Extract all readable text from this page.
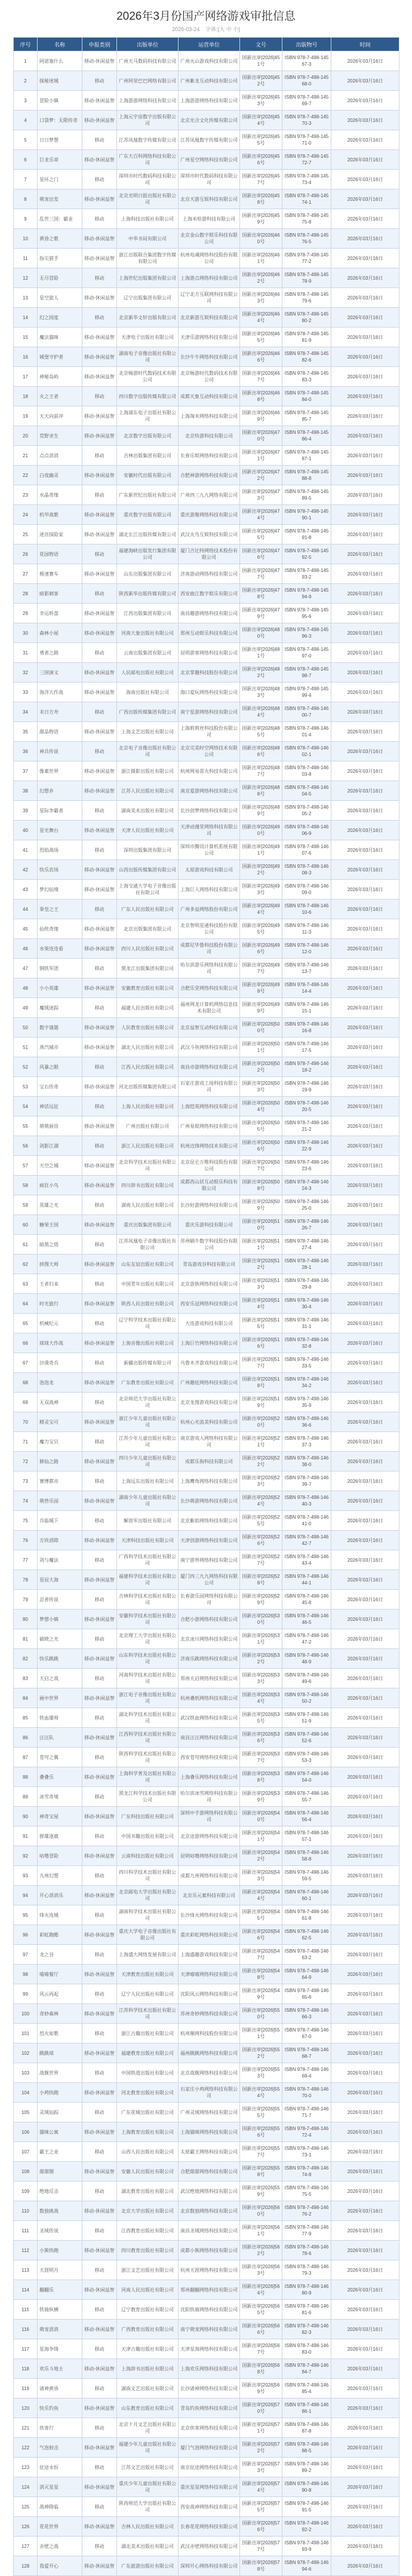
2026年3月份国产网络游戏审批信息
2026-03-24 字体:[大 中 小]
序号	名称	申报类别	出版单位	运营单位	文号	出版物号	时间
1	阿诺塞什么	移动-休闲益智	广州天马数码科技有限公司	广州火山游戏科技有限公司	国新出审[2026]451号	ISBN 978-7-498-14567-3	2026年03月16日
2	探秘迷城	移动	广州阿里巴巴网络有限公司	广州紫龙互动科技有限公司	国新出审[2026]452号	ISBN 978-7-498-14568-0	2026年03月16日
3	冒险小镇	移动-休闲益智	上海游游网络科技有限公司	上海游游网络科技有限公司	国新出审[2026]453号	ISBN 978-7-498-14569-7	2026年03月16日
4	口袋梦：无限传奇	移动-休闲益智	上海元宇宙数字出版有限公司	北京光合文化传媒有限公司	国新出审[2026]454号	ISBN 978-7-498-14570-3	2026年03月16日
5	日日梦想	移动	江苏凤凰数字传媒有限公司	江苏凤凰数字传媒有限公司	国新出审[2026]455号	ISBN 978-7-498-14571-0	2026年03月16日
6	巨龙乐章	移动-休闲益智	广东大百科网络科技有限公司	广州星空网络科技有限公司	国新出审[2026]456号	ISBN 978-7-498-14572-7	2026年03月16日
7	星环之门	移动	深圳市时代数码科技有限公司	深圳市时代数码科技有限公司	国新出审[2026]457号	ISBN 978-7-498-14573-4	2026年03月16日
8	萌宠出发	移动-休闲益智	北京光明日报出版社有限公司	北京天游互娱科技有限公司	国新出审[2026]458号	ISBN 978-7-498-14574-1	2026年03月16日
9	乱世三国：霸业	移动	上海科技出版社有限公司	上海米哈游科技有限公司	国新出审[2026]459号	ISBN 978-7-498-14575-8	2026年03月16日
10	黄昏之歌	移动-休闲益智	中华书局有限公司	北京金山数字娱乐科技有限公司	国新出审[2026]460号	ISBN 978-7-498-14576-5	2026年03月16日
11	指尖猎手	移动-休闲益智	浙江出版联合集团数字传媒有限公司	杭州电魂网络科技股份有限公司	国新出审[2026]461号	ISBN 978-7-498-14577-2	2026年03月16日
12	无尽冒险	移动	上海世纪出版集团有限公司	上海游点网络科技有限公司	国新出审[2026]462号	ISBN 978-7-498-14578-9	2026年03月16日
13	星空旅人	移动-休闲益智	辽宁出版集团有限公司	辽宁北方互联网科技有限公司	国新出审[2026]463号	ISBN 978-7-498-14579-6	2026年03月16日
14	幻之国度	移动	北京新华文轩出版有限公司	北京新游互娱科技有限公司	国新出审[2026]464号	ISBN 978-7-498-14580-2	2026年03月16日
15	魔法猫咪	移动-休闲益智	天津电子出版社有限公司	天津乐游网络科技有限公司	国新出审[2026]465号	ISBN 978-7-498-14581-9	2026年03月16日
16	城堡守护者	移动-休闲益智	湖南电子音像出版社有限公司	长沙牛牛网络科技有限公司	国新出审[2026]466号	ISBN 978-7-498-14582-6	2026年03月16日
17	神秘岛屿	移动-休闲益智	北京畅游时代数码技术有限公司	北京畅游时代数码技术有限公司	国新出审[2026]467号	ISBN 978-7-498-14583-3	2026年03月16日
18	火之王者	移动	四川数字出版传媒有限公司	成都天象互动科技有限公司	国新出审[2026]468号	ISBN 978-7-498-14584-0	2026年03月16日
19	天天向前冲	移动-休闲益智	上海浦东电子出版社有限公司	上海淘米网络科技有限公司	国新出审[2026]469号	ISBN 978-7-498-14585-7	2026年03月16日
20	荒野求生	移动-休闲益智	北京数字出版有限公司	北京快游科技有限公司	国新出审[2026]470号	ISBN 978-7-498-14586-4	2026年03月16日
21	点点消消	移动	吉林出版集团有限公司	长春乐娱网络科技有限公司	国新出审[2026]471号	ISBN 978-7-498-14587-1	2026年03月16日
22	白夜幽灵	移动-休闲益智	安徽时代出版有限公司	合肥神游网络科技有限公司	国新出审[2026]472号	ISBN 978-7-498-14588-8	2026年03月16日
23	水晶奇缘	移动	广东新世纪出版社有限公司	广州四三九九网络有限公司	国新出审[2026]473号	ISBN 978-7-498-14589-5	2026年03月16日
24	机甲战歌	移动-休闲益智	重庆数字出版有限公司	重庆游聚网络科技有限公司	国新出审[2026]474号	ISBN 978-7-498-14590-1	2026年03月16日
25	迷宫探险家	移动-休闲益智	湖北长江出版传媒有限公司	武汉火鸟互娱科技有限公司	国新出审[2026]475号	ISBN 978-7-498-14591-8	2026年03月16日
26	花园物语	移动	福建海峡出版发行集团有限公司	厦门吉比特网络技术股份有限公司	国新出审[2026]476号	ISBN 978-7-498-14592-5	2026年03月16日
27	极速赛车	移动-休闲益智	山东出版集团有限公司	济南游动网络科技有限公司	国新出审[2026]477号	ISBN 978-7-498-14593-2	2026年03月16日
28	暗影刺客	移动	陕西新华出版传媒有限公司	西安曲江数字娱乐有限公司	国新出审[2026]478号	ISBN 978-7-498-14594-9	2026年03月16日
29	幸运转盘	移动-休闲益智	江西出版集团有限公司	南昌趣游网络科技有限公司	国新出审[2026]479号	ISBN 978-7-498-14595-6	2026年03月16日
30	森林小屋	移动-休闲益智	河南大象出版社有限公司	郑州互动娱乐科技有限公司	国新出审[2026]480号	ISBN 978-7-498-14596-3	2026年03月16日
31	勇者之路	移动	云南出版集团有限公司	昆明游客网络科技有限公司	国新出审[2026]481号	ISBN 978-7-498-14597-0	2026年03月16日
32	三国演义	移动-休闲益智	人民邮电出版社有限公司	北京掌趣科技股份有限公司	国新出审[2026]482号	ISBN 978-7-498-14598-7	2026年03月16日
33	海洋大作战	移动-休闲益智	海南出版社有限公司	海口爱玩网络科技有限公司	国新出审[2026]483号	ISBN 978-7-498-14599-4	2026年03月16日
34	末日方舟	移动	广西出版传媒集团有限公司	南宁星游网络科技有限公司	国新出审[2026]484号	ISBN 978-7-498-14600-7	2026年03月16日
35	甜品物语	移动-休闲益智	上海文艺出版社有限公司	上海莉莉丝科技股份有限公司	国新出审[2026]485号	ISBN 978-7-498-14601-4	2026年03月16日
36	神兵传说	移动	北京电子音像出版社有限公司	北京完美时空网络技术有限公司	国新出审[2026]486号	ISBN 978-7-498-14602-1	2026年03月16日
37	像素世界	移动-休闲益智	浙江摄影出版社有限公司	杭州网易雷火科技有限公司	国新出审[2026]487号	ISBN 978-7-498-14603-8	2026年03月16日
38	幻想乡	移动-休闲益智	江苏人民出版社有限公司	南京爱游网络科技有限公司	国新出审[2026]488号	ISBN 978-7-498-14604-5	2026年03月16日
39	星际争霸者	移动	湖南美术出版社有限公司	长沙创梦网络科技有限公司	国新出审[2026]489号	ISBN 978-7-498-14605-2	2026年03月16日
40	星光舞台	移动-休闲益智	天津人民出版社有限公司	天津动漫堂网络科技有限公司	国新出审[2026]490号	ISBN 978-7-498-14606-9	2026年03月16日
41	烈焰战场	移动	深圳出版集团有限公司	深圳市腾讯计算机系统有限公司	国新出审[2026]491号	ISBN 978-7-498-14607-6	2026年03月16日
42	快乐农场	移动-休闲益智	山西出版传媒集团有限公司	太原游戏科技有限公司	国新出审[2026]492号	ISBN 978-7-498-14608-3	2026年03月16日
43	梦幻仙境	移动-休闲益智	上海交通大学电子音像出版社有限公司	上海巨人网络科技有限公司	国新出审[2026]493号	ISBN 978-7-498-14609-0	2026年03月16日
44	拳皇之王	移动	广东人民出版社有限公司	广州多益网络股份有限公司	国新出审[2026]494号	ISBN 978-7-498-14610-6	2026年03月16日
45	仙侠奇缘	移动-休闲益智	北京出版集团有限公司	北京智明星通科技股份有限公司	国新出审[2026]495号	ISBN 978-7-498-14611-3	2026年03月16日
46	水果连连看	移动-休闲益智	四川人民出版社有限公司	成都尼毕鲁科技股份有限公司	国新出审[2026]496号	ISBN 978-7-498-14612-0	2026年03月16日
47	钢铁军团	移动	黑龙江出版集团有限公司	哈尔滨游乐网络科技有限公司	国新出审[2026]497号	ISBN 978-7-498-14613-7	2026年03月16日
48	小小英雄	移动-休闲益智	安徽教育出版社有限公司	合肥乐堂网络科技有限公司	国新出审[2026]498号	ISBN 978-7-498-14614-4	2026年03月16日
49	魔域迷踪	移动	福建人民出版社有限公司	福州网龙计算机网络信息技术有限公司	国新出审[2026]499号	ISBN 978-7-498-14615-1	2026年03月16日
50	数字谜题	移动-休闲益智	人民教育出版社有限公司	北京益智互动科技有限公司	国新出审[2026]500号	ISBN 978-7-498-14616-8	2026年03月16日
51	蒸汽城市	移动-休闲益智	湖北人民出版社有限公司	武汉斗鱼网络科技有限公司	国新出审[2026]501号	ISBN 978-7-498-14617-5	2026年03月16日
52	风暴之眼	移动	江西人民出版社有限公司	南昌卓游网络科技有限公司	国新出审[2026]502号	ISBN 978-7-498-14618-2	2026年03月16日
53	宝石传奇	移动-休闲益智	河北出版传媒集团有限公司	石家庄游戏工场科技有限公司	国新出审[2026]503号	ISBN 978-7-498-14619-9	2026年03月16日
54	神话远征	移动	上海人民出版社有限公司	上海恺英网络科技有限公司	国新出审[2026]504号	ISBN 978-7-498-14620-5	2026年03月16日
55	萌萌厨房	移动-休闲益智	广州出版社有限公司	广州易娱网络科技有限公司	国新出审[2026]505号	ISBN 978-7-498-14621-2	2026年03月16日
56	剑影江湖	移动	浙江人民出版社有限公司	杭州边锋网络技术有限公司	国新出审[2026]506号	ISBN 978-7-498-14622-9	2026年03月16日
57	天空之城	移动-休闲益智	北京科学技术出版社有限公司	北京昆仑万维科技股份有限公司	国新出审[2026]507号	ISBN 978-7-498-14623-6	2026年03月16日
58	疯狂小鸟	移动-休闲益智	四川辞书出版社有限公司	成都西山居互动娱乐科技有限公司	国新出审[2026]508号	ISBN 978-7-498-14624-3	2026年03月16日
59	英雄之光	移动	湖南人民出版社有限公司	长沙好游网络科技有限公司	国新出审[2026]509号	ISBN 978-7-498-14625-0	2026年03月16日
60	糖果王国	移动-休闲益智	重庆出版集团有限公司	重庆乐游科技有限公司	国新出审[2026]510号	ISBN 978-7-498-14626-7	2026年03月16日
61	暗黑之塔	移动	江苏凤凰电子音像出版社有限公司	苏州蜗牛数字科技股份有限公司	国新出审[2026]511号	ISBN 978-7-498-14627-4	2026年03月16日
62	拼图大师	移动-休闲益智	山东友谊出版社有限公司	青岛游戏谷科技有限公司	国新出审[2026]512号	ISBN 978-7-498-14628-1	2026年03月16日
63	王者归来	移动	中国青年出版社有限公司	北京游族网络科技有限公司	国新出审[2026]513号	ISBN 978-7-498-14629-8	2026年03月16日
64	时光旅行	移动-休闲益智	陕西人民出版社有限公司	西安乐逗网络科技有限公司	国新出审[2026]514号	ISBN 978-7-498-14630-4	2026年03月16日
65	机械纪元	移动	辽宁科学技术出版社有限公司	大连游戏科技有限公司	国新出审[2026]515号	ISBN 978-7-498-14631-1	2026年03月16日
66	球球大作战	移动-休闲益智	上海音像出版社有限公司	上海巨竹网络科技有限公司	国新出审[2026]516号	ISBN 978-7-498-14632-8	2026年03月16日
67	沙漠奇兵	移动	新疆出版传媒有限公司	乌鲁木齐游戏科技有限公司	国新出审[2026]517号	ISBN 978-7-498-14633-5	2026年03月16日
68	泡泡龙	移动-休闲益智	广东教育出版社有限公司	广州趣炫网络科技有限公司	国新出审[2026]518号	ISBN 978-7-498-14634-2	2026年03月16日
69	无双战神	移动	北京师范大学出版社有限公司	北京龙图游戏科技有限公司	国新出审[2026]519号	ISBN 978-7-498-14635-9	2026年03月16日
70	精灵宝可	移动-休闲益智	浙江少年儿童出版社有限公司	杭州心光流美科技有限公司	国新出审[2026]520号	ISBN 978-7-498-14636-6	2026年03月16日
71	魔力宝贝	移动	江苏少年儿童出版社有限公司	南京游戏人网络科技有限公司	国新出审[2026]521号	ISBN 978-7-498-14637-3	2026年03月16日
72	修仙之路	移动-休闲益智	四川少年儿童出版社有限公司	成都乐狗科技有限公司	国新出审[2026]522号	ISBN 978-7-498-14638-0	2026年03月16日
73	赛博都市	移动	上海远东出版社有限公司	上海鹰角网络科技有限公司	国新出审[2026]523号	ISBN 978-7-498-14639-7	2026年03月16日
74	萌兽乐园	移动-休闲益智	湖南少年儿童出版社有限公司	长沙萌游网络科技有限公司	国新出审[2026]524号	ISBN 978-7-498-14640-3	2026年03月16日
75	兵临城下	移动	解放军出版社有限公司	北京紫焰网络科技有限公司	国新出审[2026]525号	ISBN 978-7-498-14641-0	2026年03月16日
76	方块消除	移动-休闲益智	天津科技出版社有限公司	天津创游网络科技有限公司	国新出审[2026]526号	ISBN 978-7-498-14642-7	2026年03月16日
77	剑与魔法	移动	广西科学技术出版社有限公司	南宁游界网络科技有限公司	国新出审[2026]527号	ISBN 978-7-498-14643-4	2026年03月16日
78	星辰大海	移动-休闲益智	福建科学技术出版社有限公司	厦门四三九九网络科技有限公司	国新出审[2026]528号	ISBN 978-7-498-14644-1	2026年03月16日
79	忍者传说	移动	吉林科学技术出版社有限公司	长春游乐园网络科技有限公司	国新出审[2026]529号	ISBN 978-7-498-14645-8	2026年03月16日
80	梦想小镇	移动-休闲益智	安徽科学技术出版社有限公司	合肥小游网络科技有限公司	国新出审[2026]530号	ISBN 978-7-498-14646-5	2026年03月16日
81	破晓之光	移动	北京理工大学出版社有限公司	北京冰川网络科技有限公司	国新出审[2026]531号	ISBN 978-7-498-14647-2	2026年03月16日
82	快乐跳跳	移动-休闲益智	山东科学技术出版社有限公司	济南乐跳网络科技有限公司	国新出审[2026]532号	ISBN 978-7-498-14648-9	2026年03月16日
83	天启之战	移动	河南科学技术出版社有限公司	郑州天启网络科技有限公司	国新出审[2026]533号	ISBN 978-7-498-14649-6	2026年03月16日
84	画中世界	移动-休闲益智	浙江电子音像出版社有限公司	杭州叠纸网络科技有限公司	国新出审[2026]534号	ISBN 978-7-498-14650-2	2026年03月16日
85	铁血雄师	移动	湖北科学技术出版社有限公司	武汉铁血网络科技有限公司	国新出审[2026]535号	ISBN 978-7-498-14651-9	2026年03月16日
86	汪汪队	移动-休闲益智	江西科学技术出版社有限公司	南昌汪汪网络科技有限公司	国新出审[2026]536号	ISBN 978-7-498-14652-6	2026年03月16日
87	苍穹之翼	移动	陕西科学技术出版社有限公司	西安苍穹网络科技有限公司	国新出审[2026]537号	ISBN 978-7-498-14653-3	2026年03月16日
88	叠叠乐	移动-休闲益智	上海科学普及出版社有限公司	上海叠乐网络科技有限公司	国新出审[2026]538号	ISBN 978-7-498-14654-0	2026年03月16日
89	冰雪奇境	移动	黑龙江科学技术出版社有限公司	哈尔滨冰雪网络科技有限公司	国新出审[2026]539号	ISBN 978-7-498-14655-7	2026年03月16日
90	神奇宝屋	移动-休闲益智	广东科技出版社有限公司	深圳中手游网络科技有限公司	国新出审[2026]540号	ISBN 978-7-498-14656-4	2026年03月16日
91	群雄逐鹿	移动	中国书籍出版社有限公司	北京途游网络科技有限公司	国新出审[2026]541号	ISBN 978-7-498-14657-1	2026年03月16日
92	咕噜冒险	移动-休闲益智	云南科技出版社有限公司	昆明咕噜网络科技有限公司	国新出审[2026]542号	ISBN 978-7-498-14658-8	2026年03月16日
93	九州幻想	移动	四川科学技术出版社有限公司	成都九州网络科技有限公司	国新出审[2026]543号	ISBN 978-7-498-14659-5	2026年03月16日
94	开心消消乐	移动-休闲益智	北京邮电大学出版社有限公司	北京乐元素科技有限公司	国新出审[2026]544号	ISBN 978-7-498-14660-1	2026年03月16日
95	烽火连城	移动	湖南科学技术出版社有限公司	长沙烽火网络科技有限公司	国新出审[2026]545号	ISBN 978-7-498-14661-8	2026年03月16日
96	彩虹跑酷	移动-休闲益智	重庆大学电子音像出版社有限公司	重庆彩虹网络科技有限公司	国新出审[2026]546号	ISBN 978-7-498-14662-5	2026年03月16日
97	龙之谷	移动	上海盛大网络发展有限公司	上海盛趣游戏科技有限公司	国新出审[2026]547号	ISBN 978-7-498-14663-2	2026年03月16日
98	喵喵餐厅	移动-休闲益智	天津教育出版社有限公司	天津喵喵网络科技有限公司	国新出审[2026]548号	ISBN 978-7-498-14664-9	2026年03月16日
99	风云再起	移动	辽宁人民出版社有限公司	沈阳风云网络科技有限公司	国新出审[2026]549号	ISBN 978-7-498-14665-6	2026年03月16日
100	奇妙森林	移动-休闲益智	江苏科学技术出版社有限公司	苏州奇妙网络科技有限公司	国新出审[2026]550号	ISBN 978-7-498-14666-3	2026年03月16日
101	烈火如歌	移动	浙江古籍出版社有限公司	杭州顺网科技股份有限公司	国新出审[2026]551号	ISBN 978-7-498-14667-0	2026年03月16日
102	跳跳球	移动-休闲益智	福建教育出版社有限公司	福州跳跳网络科技有限公司	国新出审[2026]552号	ISBN 978-7-498-14668-7	2026年03月16日
103	战舰世界	移动	中国铁道出版社有限公司	北京战舰网络科技有限公司	国新出审[2026]553号	ISBN 978-7-498-14669-4	2026年03月16日
104	小鸡快跑	移动-休闲益智	河北教育出版社有限公司	石家庄小鸡网络科技有限公司	国新出审[2026]554号	ISBN 978-7-498-14670-0	2026年03月16日
105	灵域仙踪	移动	广东花城出版社有限公司	广州灵域网络科技有限公司	国新出审[2026]555号	ISBN 978-7-498-14671-7	2026年03月16日
106	猫咪公寓	移动-休闲益智	上海教育出版社有限公司	上海猫咪网络科技有限公司	国新出审[2026]556号	ISBN 978-7-498-14672-4	2026年03月16日
107	霸王之业	移动	山西人民出版社有限公司	太原霸王网络科技有限公司	国新出审[2026]557号	ISBN 978-7-498-14673-1	2026年03月16日
108	甜甜圈	移动-休闲益智	安徽人民出版社有限公司	合肥甜甜网络科技有限公司	国新出审[2026]558号	ISBN 978-7-498-14674-8	2026年03月16日
109	绝地反击	移动	湖北教育出版社有限公司	武汉绝地网络科技有限公司	国新出审[2026]559号	ISBN 978-7-498-14675-5	2026年03月16日
110	数独挑战	移动-休闲益智	北京大学出版社有限公司	北京数独网络科技有限公司	国新出审[2026]560号	ISBN 978-7-498-14676-2	2026年03月16日
111	圣域传说	移动	江西教育出版社有限公司	南昌圣域网络科技有限公司	国新出审[2026]561号	ISBN 978-7-498-14677-9	2026年03月16日
112	小熊快跑	移动-休闲益智	四川教育出版社有限公司	成都小熊网络科技有限公司	国新出审[2026]562号	ISBN 978-7-498-14678-6	2026年03月16日
113	天涯明月	移动	浙江文艺出版社有限公司	杭州天涯网络科技有限公司	国新出审[2026]563号	ISBN 978-7-498-14679-3	2026年03月16日
114	翻翻乐	移动-休闲益智	河南人民出版社有限公司	郑州翻翻网络科技有限公司	国新出审[2026]564号	ISBN 978-7-498-14680-9	2026年03月16日
115	铁骑纵横	移动	辽宁教育出版社有限公司	沈阳铁骑网络科技有限公司	国新出审[2026]565号	ISBN 978-7-498-14681-6	2026年03月16日
116	萌宠消消	移动-休闲益智	广西教育出版社有限公司	南宁萌宠网络科技有限公司	国新出审[2026]566号	ISBN 978-7-498-14682-3	2026年03月16日
117	星海争锋	移动	天津古籍出版社有限公司	天津星海网络科技有限公司	国新出审[2026]567号	ISBN 978-7-498-14683-0	2026年03月16日
118	欢乐斗地主	移动-休闲益智	上海辞书出版社有限公司	上海欢乐网络科技有限公司	国新出审[2026]568号	ISBN 978-7-498-14684-7	2026年03月16日
119	诸神黄昏	移动	湖南文艺出版社有限公司	长沙诸神网络科技有限公司	国新出审[2026]569号	ISBN 978-7-498-14685-4	2026年03月16日
120	快乐钓鱼	移动-休闲益智	山东教育出版社有限公司	青岛钓鱼网络科技有限公司	国新出审[2026]570号	ISBN 978-7-498-14686-1	2026年03月16日
121	侠客行	移动	北京十月文艺出版社有限公司	北京侠客网络科技有限公司	国新出审[2026]571号	ISBN 978-7-498-14687-8	2026年03月16日
122	气泡射击	移动-休闲益智	福建少年儿童出版社有限公司	厦门气泡网络科技有限公司	国新出审[2026]572号	ISBN 978-7-498-14688-5	2026年03月16日
123	征途永恒	移动	江苏文艺出版社有限公司	南京征途网络科技有限公司	国新出审[2026]573号	ISBN 978-7-498-14689-2	2026年03月16日
124	消灭星星	移动-休闲益智	重庆少年儿童出版社有限公司	重庆星星网络科技有限公司	国新出审[2026]574号	ISBN 978-7-498-14690-8	2026年03月16日
125	战神降临	移动	陕西师范大学出版社有限公司	西安战神网络科技有限公司	国新出审[2026]575号	ISBN 978-7-498-14691-5	2026年03月16日
126	花花世界	移动-休闲益智	吉林人民出版社有限公司	长春花花网络科技有限公司	国新出审[2026]576号	ISBN 978-7-498-14692-2	2026年03月16日
127	赤壁之战	移动	湖北美术出版社有限公司	武汉赤壁网络科技有限公司	国新出审[2026]577号	ISBN 978-7-498-14693-9	2026年03月16日
128	我爱开心	移动-休闲益智	广东旅游出版社有限公司	深圳开心网络科技有限公司	国新出审[2026]578号	ISBN 978-7-498-14694-6	2026年03月16日
